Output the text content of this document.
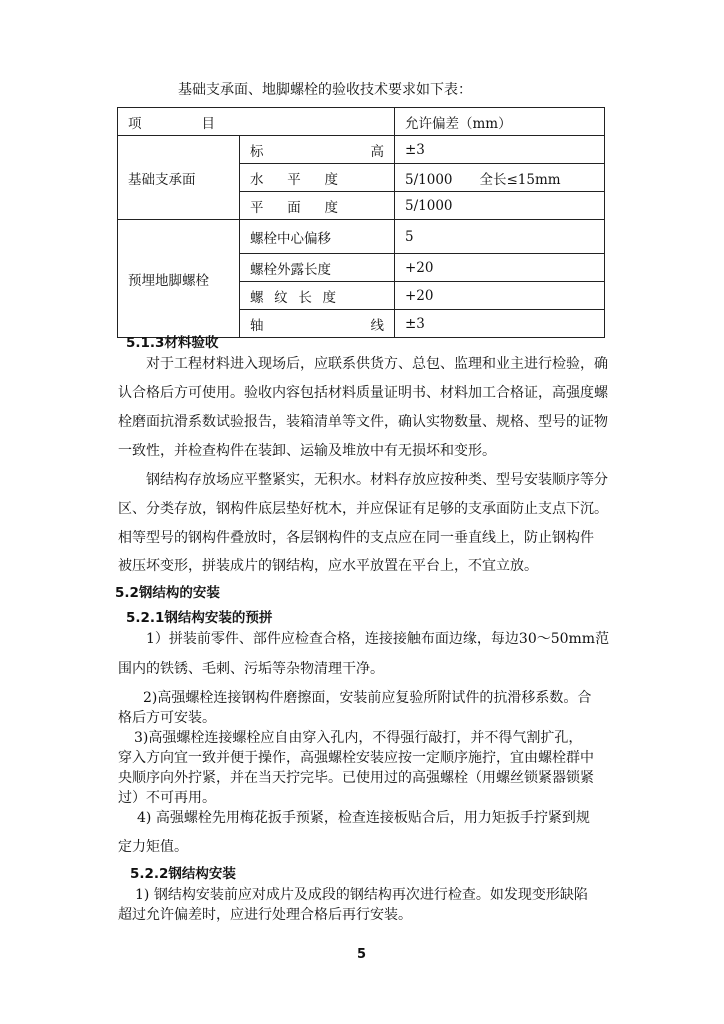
基础支承面、地脚螺栓的验收技术要求如下表：
项 目		允许偏差（mm）
基础支承面	标 高	±3

	水 平 度	5/1000　　全长≤15mm

	平 面 度	5/1000
预埋地脚螺栓	螺栓中心偏移	5
	螺栓外露长度	+20

	螺 纹 长 度	+20

	轴 线	±3
5.1.3材料验收
对于工程材料进入现场后，应联系供货方、总包、监理和业主进行检验，确
认合格后方可使用。验收内容包括材料质量证明书、材料加工合格证，高强度螺
栓磨面抗滑系数试验报告，装箱清单等文件，确认实物数量、规格、型号的证物
一致性，并检查构件在装卸、运输及堆放中有无损坏和变形。
钢结构存放场应平整紧实，无积水。材料存放应按种类、型号安装顺序等分
区、分类存放，钢构件底层垫好枕木，并应保证有足够的支承面防止支点下沉。
相等型号的钢构件叠放时，各层钢构件的支点应在同一垂直线上，防止钢构件
被压坏变形，拼装成片的钢结构，应水平放置在平台上，不宜立放。
5.2钢结构的安装
5.2.1钢结构安装的预拼
1）拼装前零件、部件应检查合格，连接接触布面边缘，每边30～50mm范
围内的铁锈、毛刺、污垢等杂物清理干净。
2)高强螺栓连接钢构件磨擦面，安装前应复验所附试件的抗滑移系数。合
格后方可安装。
3)高强螺栓连接螺栓应自由穿入孔内，不得强行敲打，并不得气割扩孔，
穿入方向宜一致并便于操作，高强螺栓安装应按一定顺序施拧，宜由螺栓群中
央顺序向外拧紧，并在当天拧完毕。已使用过的高强螺栓（用螺丝锁紧器锁紧
过）不可再用。
4) 高强螺栓先用梅花扳手预紧，检查连接板贴合后，用力矩扳手拧紧到规
定力矩值。
5.2.2钢结构安装
1) 钢结构安装前应对成片及成段的钢结构再次进行检查。如发现变形缺陷
超过允许偏差时，应进行处理合格后再行安装。
5
